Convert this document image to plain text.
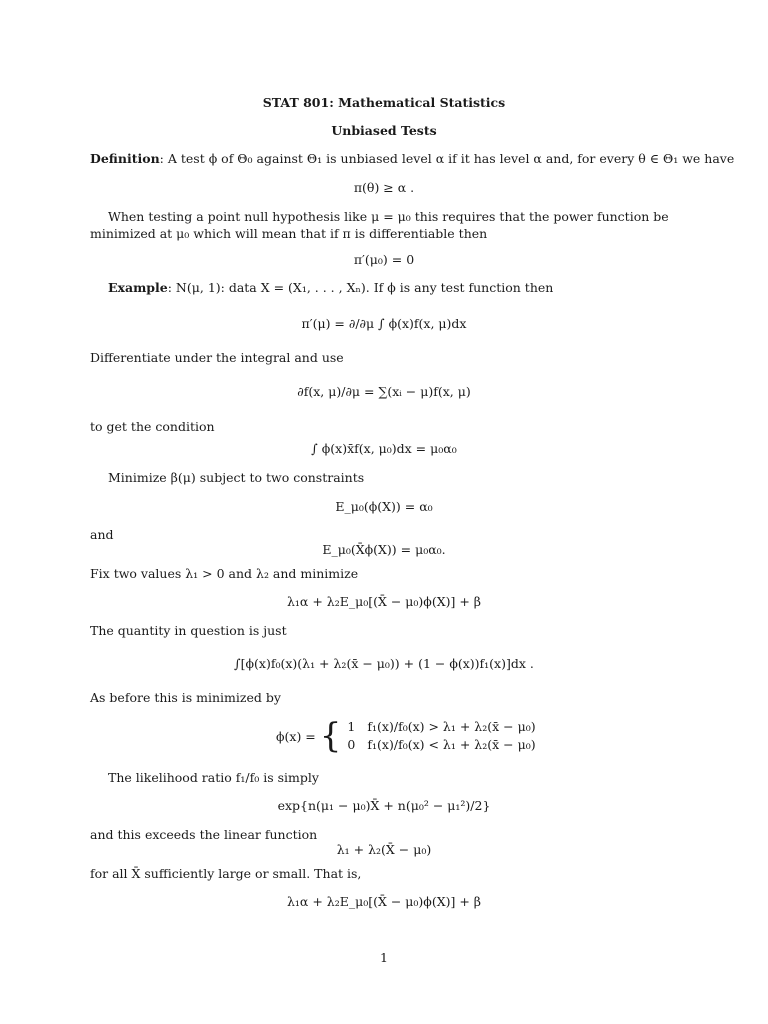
STAT 801: Mathematical Statistics
Unbiased Tests
Definition: A test ϕ of Θ₀ against Θ₁ is unbiased level α if it has level α and, for every θ ∈ Θ₁ we have
π(θ) ≥ α .
When testing a point null hypothesis like μ = μ₀ this requires that the power function be minimized at μ₀ which will mean that if π is differentiable then
π′(μ₀) = 0
Example: N(μ, 1): data X = (X₁, . . . , Xₙ). If ϕ is any test function then
π′(μ) = ∂/∂μ ∫ ϕ(x)f(x, μ)dx
Differentiate under the integral and use
∂f(x, μ)/∂μ = ∑(xᵢ − μ)f(x, μ)
to get the condition
∫ ϕ(x)x̄f(x, μ₀)dx = μ₀α₀
Minimize β(μ) subject to two constraints
E_μ₀(ϕ(X)) = α₀
and
E_μ₀(X̄ϕ(X)) = μ₀α₀.
Fix two values λ₁ > 0 and λ₂ and minimize
λ₁α + λ₂E_μ₀[(X̄ − μ₀)ϕ(X)] + β
The quantity in question is just
∫[ϕ(x)f₀(x)(λ₁ + λ₂(x̄ − μ₀)) + (1 − ϕ(x))f₁(x)]dx .
As before this is minimized by
ϕ(x) = { 1 f₁(x)/f₀(x) > λ₁ + λ₂(x̄ − μ₀)
0 f₁(x)/f₀(x) < λ₁ + λ₂(x̄ − μ₀)
The likelihood ratio f₁/f₀ is simply
exp{n(μ₁ − μ₀)X̄ + n(μ₀² − μ₁²)/2}
and this exceeds the linear function
λ₁ + λ₂(X̄ − μ₀)
for all X̄ sufficiently large or small. That is,
λ₁α + λ₂E_μ₀[(X̄ − μ₀)ϕ(X)] + β
1
